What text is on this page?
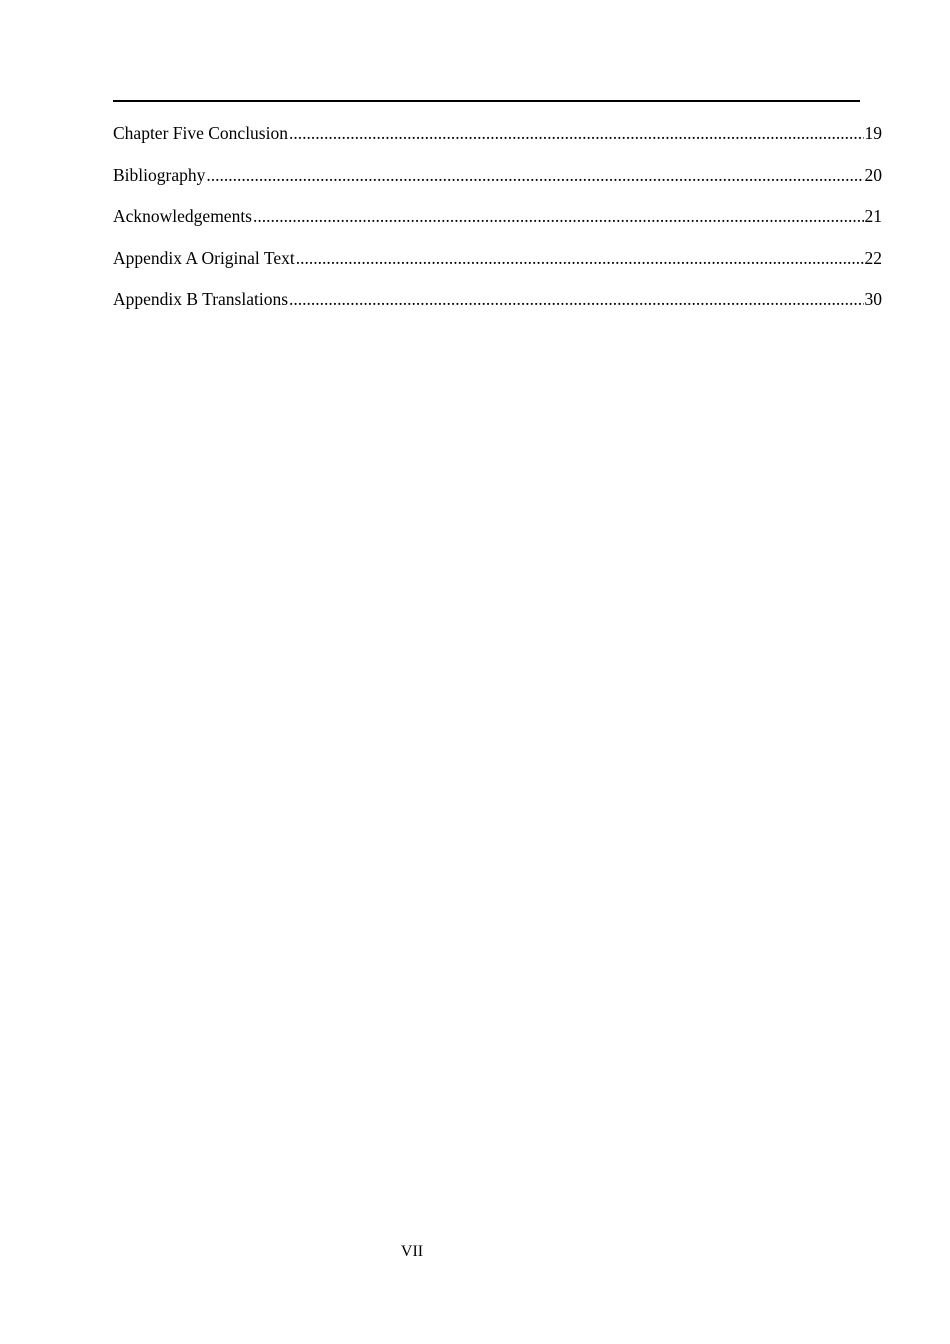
Chapter Five Conclusion .....	19
Bibliography .....	20
Acknowledgements .....	21
Appendix A Original Text .....	22
Appendix B Translations .....	30
VII
